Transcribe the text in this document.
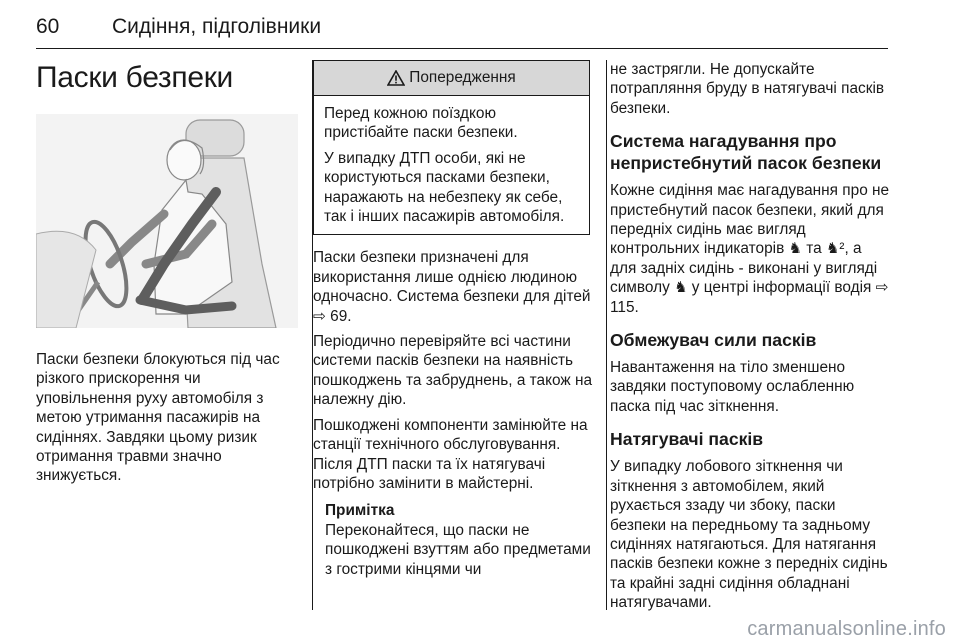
60	Сидіння, підголівники
Паски безпеки

Паски безпеки блокуються під час різкого прискорення чи уповільнення руху автомобіля з метою утримання пасажирів на сидіннях. Завдяки цьому ризик отримання травми значно знижується.

Попередження

Перед кожною поїздкою пристібайте паски безпеки.

У випадку ДТП особи, які не користуються пасками безпеки, наражають на небезпеку як себе, так і інших пасажирів автомобіля.

Паски безпеки призначені для використання лише однією людиною одночасно. Система безпеки для дітей ⇨ 69.

Періодично перевіряйте всі частини системи пасків безпеки на наявність пошкоджень та забруднень, а також на належну дію.

Пошкоджені компоненти замінюйте на станції технічного обслуговування. Після ДТП паски та їх натягувачі потрібно замінити в майстерні.

Примітка

Переконайтеся, що паски не пошкоджені взуттям або предметами з гострими кінцями чи

не застрягли. Не допускайте потрапляння бруду в натягувачі пасків безпеки.

Система нагадування про непристебнутий пасок безпеки

Кожне сидіння має нагадування про не пристебнутий пасок безпеки, який для передніх сидінь має вигляд контрольних індикаторів ♞ та ♞², а для задніх сидінь - виконані у вигляді символу ♞ у центрі інформації водія ⇨ 115.

Обмежувач сили пасків

Навантаження на тіло зменшено завдяки поступовому ослабленню паска під час зіткнення.

Натягувачі пасків

У випадку лобового зіткнення чи зіткнення з автомобілем, який рухається ззаду чи збоку, паски безпеки на передньому та задньому сидіннях натягаються. Для натягання пасків безпеки кожне з передніх сидінь та крайні задні сидіння обладнані натягувачами.

carmanualsonline.info
